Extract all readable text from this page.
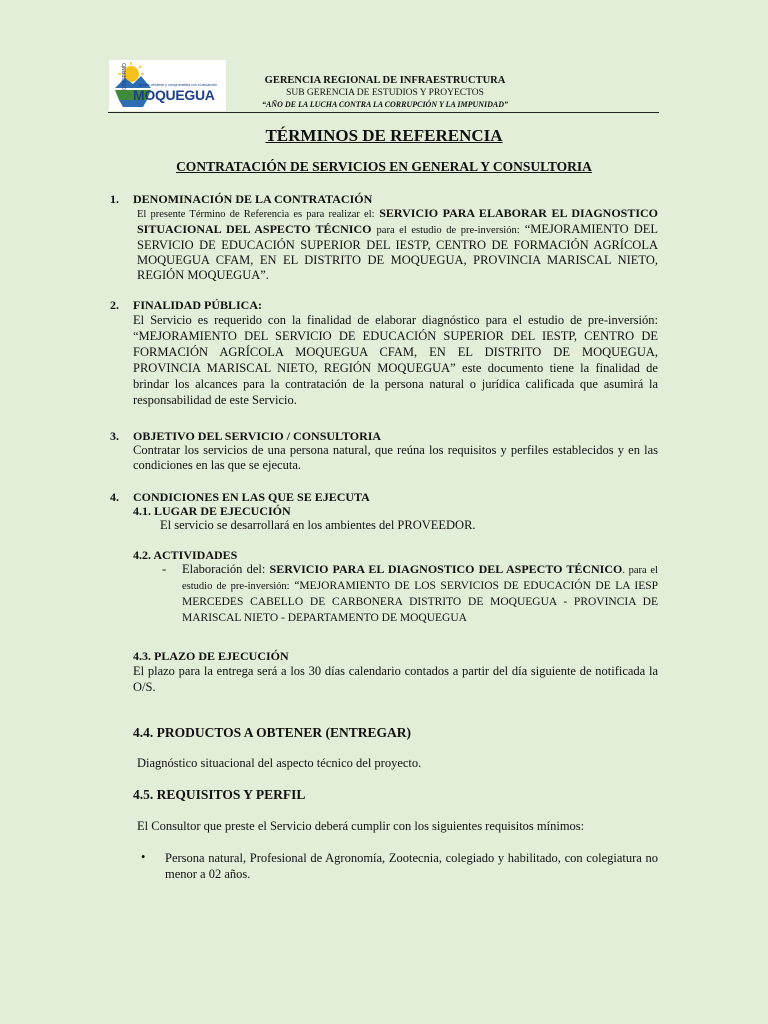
GOBIERNO	gestión eficiente y comprometida con el desarrollo
MOQUEGUA
GERENCIA REGIONAL DE INFRAESTRUCTURA
SUB GERENCIA DE ESTUDIOS Y PROYECTOS
“AÑO DE LA LUCHA CONTRA LA CORRUPCIÓN Y LA IMPUNIDAD”
TÉRMINOS DE REFERENCIA
CONTRATACIÓN DE SERVICIOS EN GENERAL Y CONSULTORIA
1. DENOMINACIÓN DE LA CONTRATACIÓN
El presente Término de Referencia es para realizar el: SERVICIO PARA ELABORAR EL DIAGNOSTICO SITUACIONAL DEL ASPECTO TÉCNICO para el estudio de pre-inversión: “MEJORAMIENTO DEL SERVICIO DE EDUCACIÓN SUPERIOR DEL IESTP, CENTRO DE FORMACIÓN AGRÍCOLA MOQUEGUA CFAM, EN EL DISTRITO DE MOQUEGUA, PROVINCIA MARISCAL NIETO, REGIÓN MOQUEGUA”.
2. FINALIDAD PÚBLICA:
El Servicio es requerido con la finalidad de elaborar diagnóstico para el estudio de pre-inversión: “MEJORAMIENTO DEL SERVICIO DE EDUCACIÓN SUPERIOR DEL IESTP, CENTRO DE FORMACIÓN AGRÍCOLA MOQUEGUA CFAM, EN EL DISTRITO DE MOQUEGUA, PROVINCIA MARISCAL NIETO, REGIÓN MOQUEGUA” este documento tiene la finalidad de brindar los alcances para la contratación de la persona natural o jurídica calificada que asumirá la responsabilidad de este Servicio.
3. OBJETIVO DEL SERVICIO / CONSULTORIA
Contratar los servicios de una persona natural, que reúna los requisitos y perfiles establecidos y en las condiciones en las que se ejecuta.
4. CONDICIONES EN LAS QUE SE EJECUTA
4.1. LUGAR DE EJECUCIÓN
El servicio se desarrollará en los ambientes del PROVEEDOR.
4.2. ACTIVIDADES
- Elaboración del: SERVICIO PARA EL DIAGNOSTICO DEL ASPECTO TÉCNICO. para el estudio de pre-inversión: “MEJORAMIENTO DE LOS SERVICIOS DE EDUCACIÓN DE LA IESP MERCEDES CABELLO DE CARBONERA DISTRITO DE MOQUEGUA - PROVINCIA DE MARISCAL NIETO - DEPARTAMENTO DE MOQUEGUA
4.3. PLAZO DE EJECUCIÓN
El plazo para la entrega será a los 30 días calendario contados a partir del día siguiente de notificada la O/S.
4.4. PRODUCTOS A OBTENER (ENTREGAR)
Diagnóstico situacional del aspecto técnico del proyecto.
4.5. REQUISITOS Y PERFIL
El Consultor que preste el Servicio deberá cumplir con los siguientes requisitos mínimos:
• Persona natural, Profesional de Agronomía, Zootecnia, colegiado y habilitado, con colegiatura no menor a 02 años.
